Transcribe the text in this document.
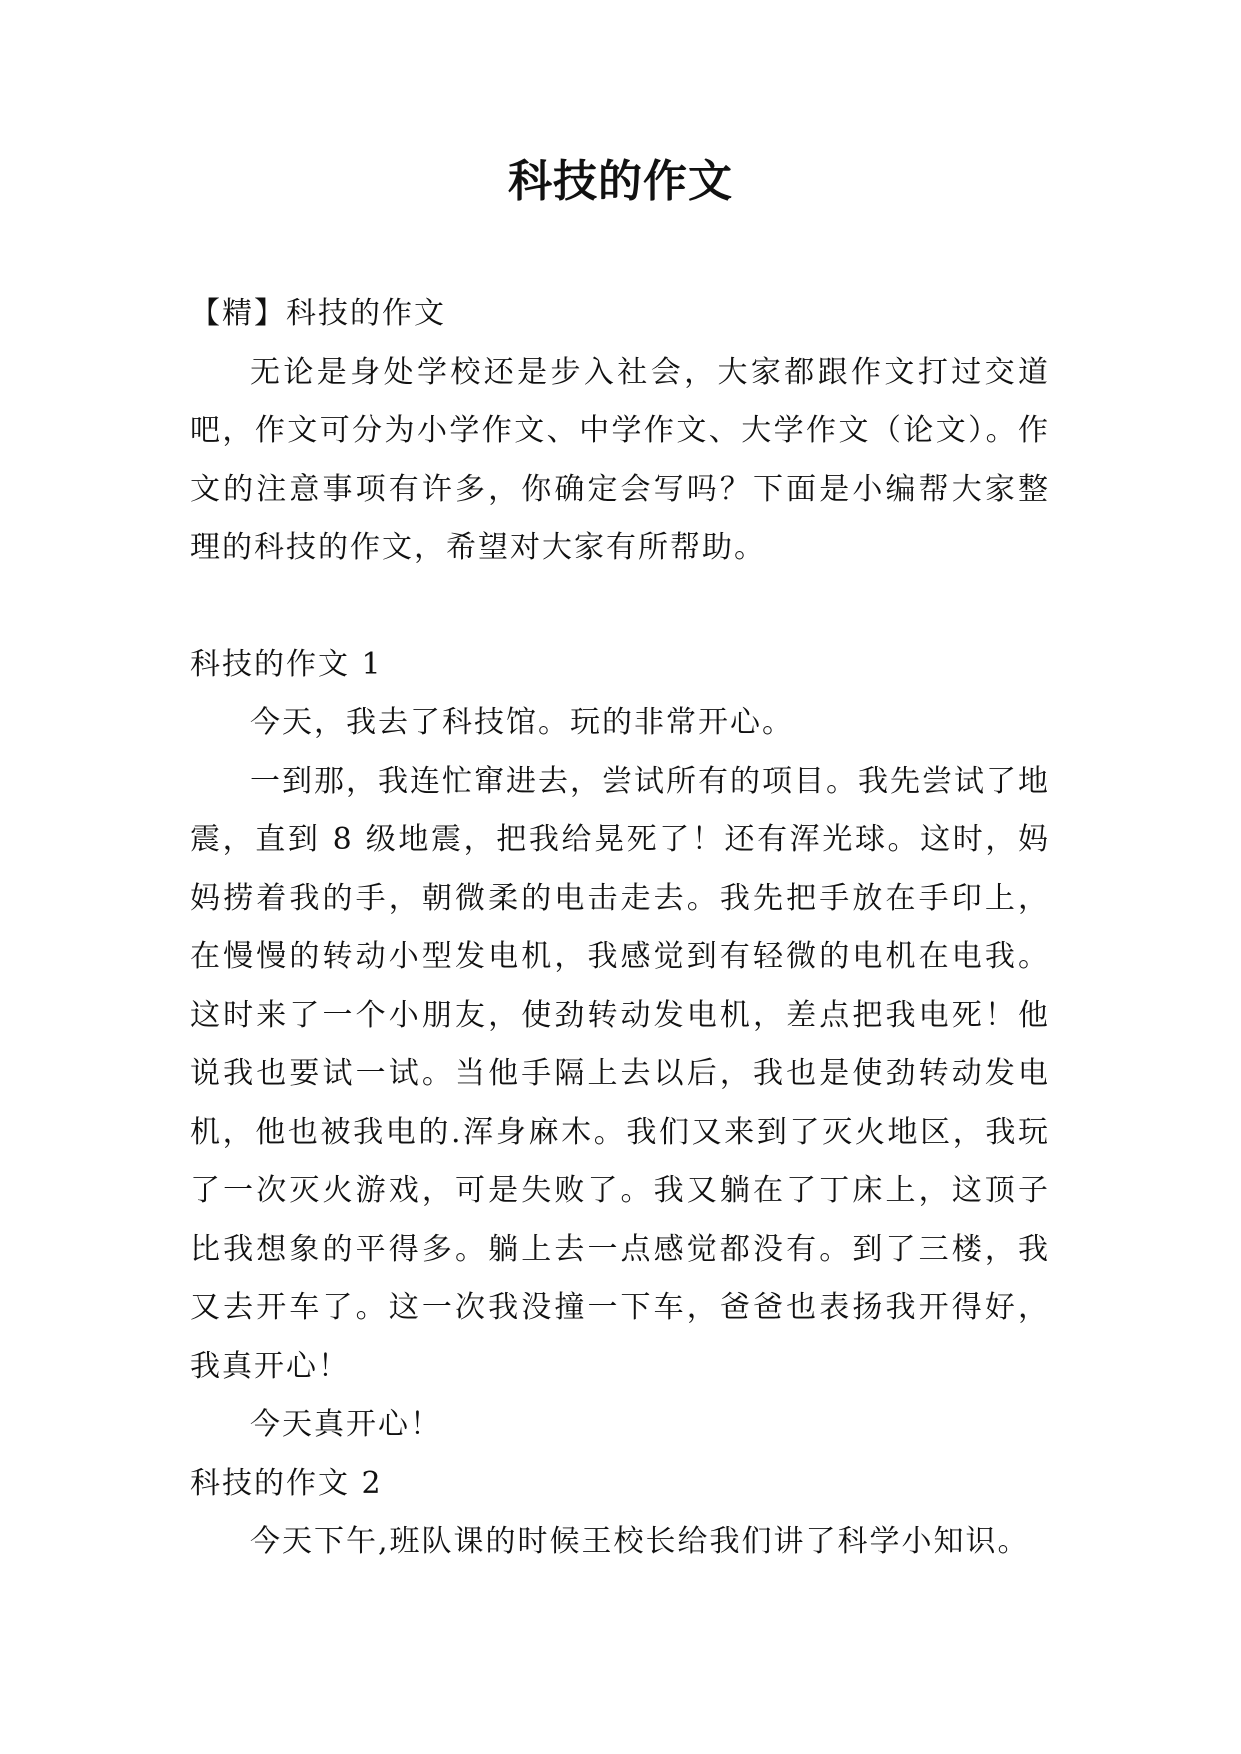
科技的作文

【精】科技的作文

无论是身处学校还是步入社会，大家都跟作文打过交道吧，作文可分为小学作文、中学作文、大学作文（论文）。作文的注意事项有许多，你确定会写吗？下面是小编帮大家整理的科技的作文，希望对大家有所帮助。

科技的作文 1

今天，我去了科技馆。玩的非常开心。

一到那，我连忙窜进去，尝试所有的项目。我先尝试了地震，直到 8 级地震，把我给晃死了！还有浑光球。这时，妈妈捞着我的手，朝微柔的电击走去。我先把手放在手印上，在慢慢的转动小型发电机，我感觉到有轻微的电机在电我。这时来了一个小朋友，使劲转动发电机，差点把我电死！他说我也要试一试。当他手隔上去以后，我也是使劲转动发电机，他也被我电的.浑身麻木。我们又来到了灭火地区，我玩了一次灭火游戏，可是失败了。我又躺在了丁床上，这顶子比我想象的平得多。躺上去一点感觉都没有。到了三楼，我又去开车了。这一次我没撞一下车，爸爸也表扬我开得好，我真开心！

今天真开心！

科技的作文 2

今天下午,班队课的时候王校长给我们讲了科学小知识。
